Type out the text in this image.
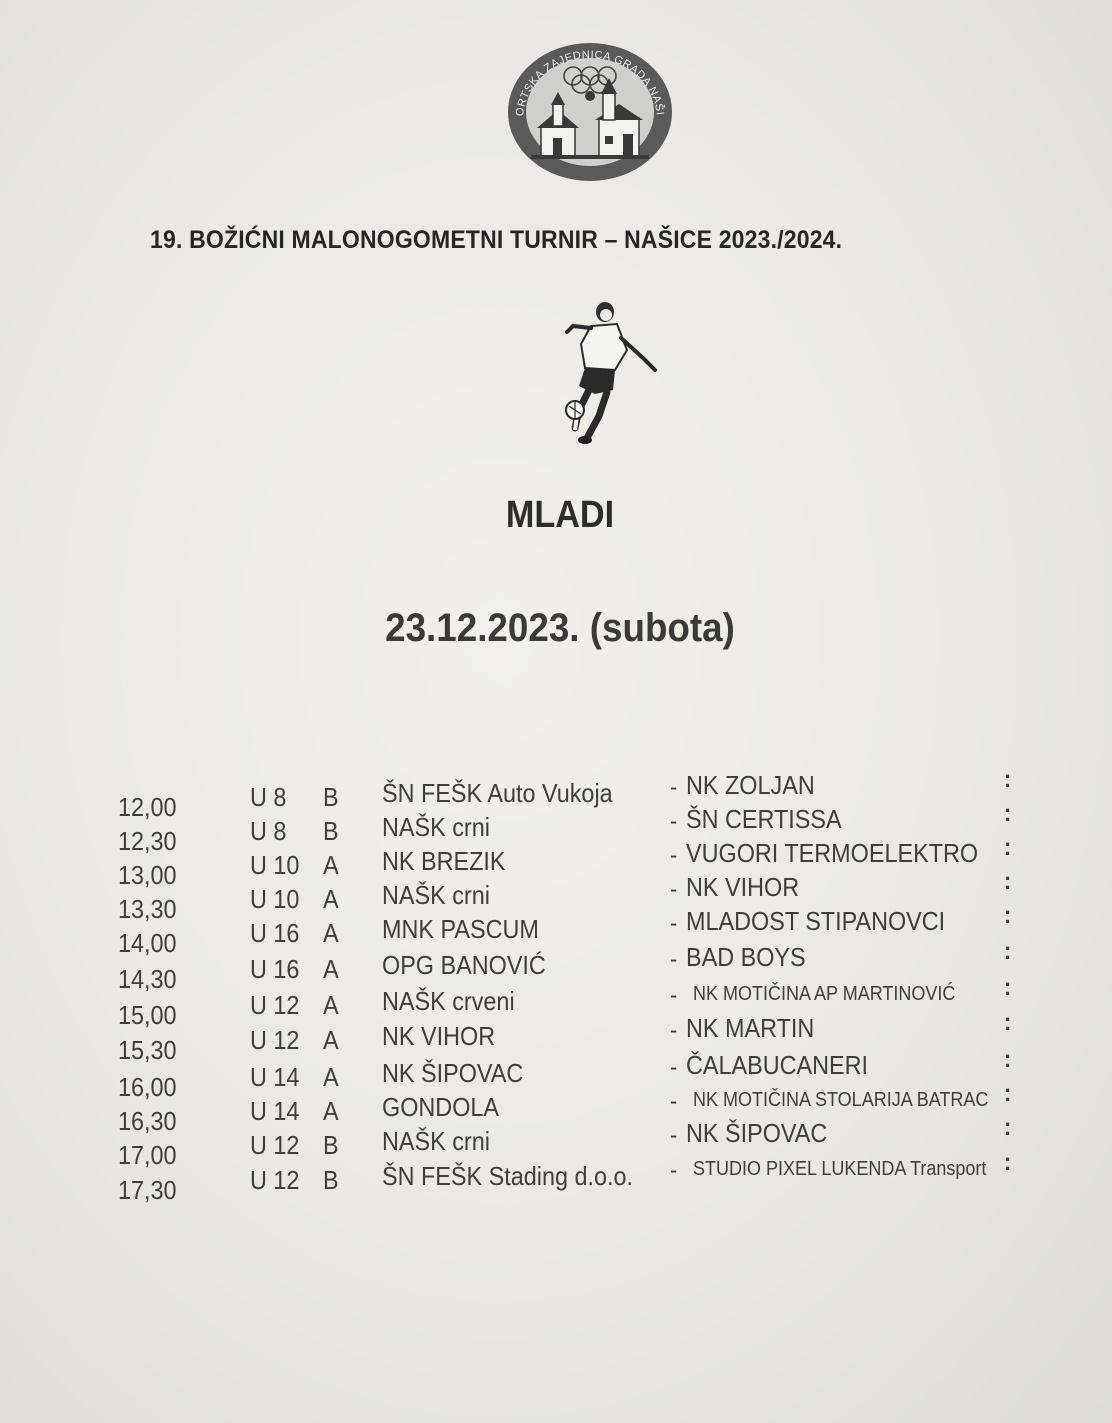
ORTSKA ZAJEDNICA GRADA NAŠI
19. BOŽIĆNI MALONOGOMETNI TURNIR – NAŠICE 2023./2024.
MLADI
23.12.2023. (subota)
12,00	U 8 B ŠN FEŠK Auto Vukoja - NK ZOLJAN	:
12,30	U 8 B NAŠK crni	- ŠN CERTISSA	:
13,00	U 10 A NK BREZIK	- VUGORI TERMOELEKTRO :
13,30	U 10 A NAŠK crni	- NK VIHOR	:
14,00	U 16 A MNK PASCUM	- MLADOST STIPANOVCI :
14,30	U 16 A OPG BANOVIĆ	- BAD BOYS	:
15,00	U 12 A NAŠK crveni	- NK MOTIČINA AP MARTINOVIĆ :
15,30	U 12 A NK VIHOR	- NK MARTIN	:
16,00	U 14 A NK ŠIPOVAC	- ČALABUCANERI	:
16,30	U 14 A GONDOLA	- NK MOTIČINA STOLARIJA BATRAC :
17,00	U 12 B NAŠK crni	- NK ŠIPOVAC	:
17,30	U 12 B ŠN FEŠK Stading d.o.o. - STUDIO PIXEL LUKENDA Transport :
